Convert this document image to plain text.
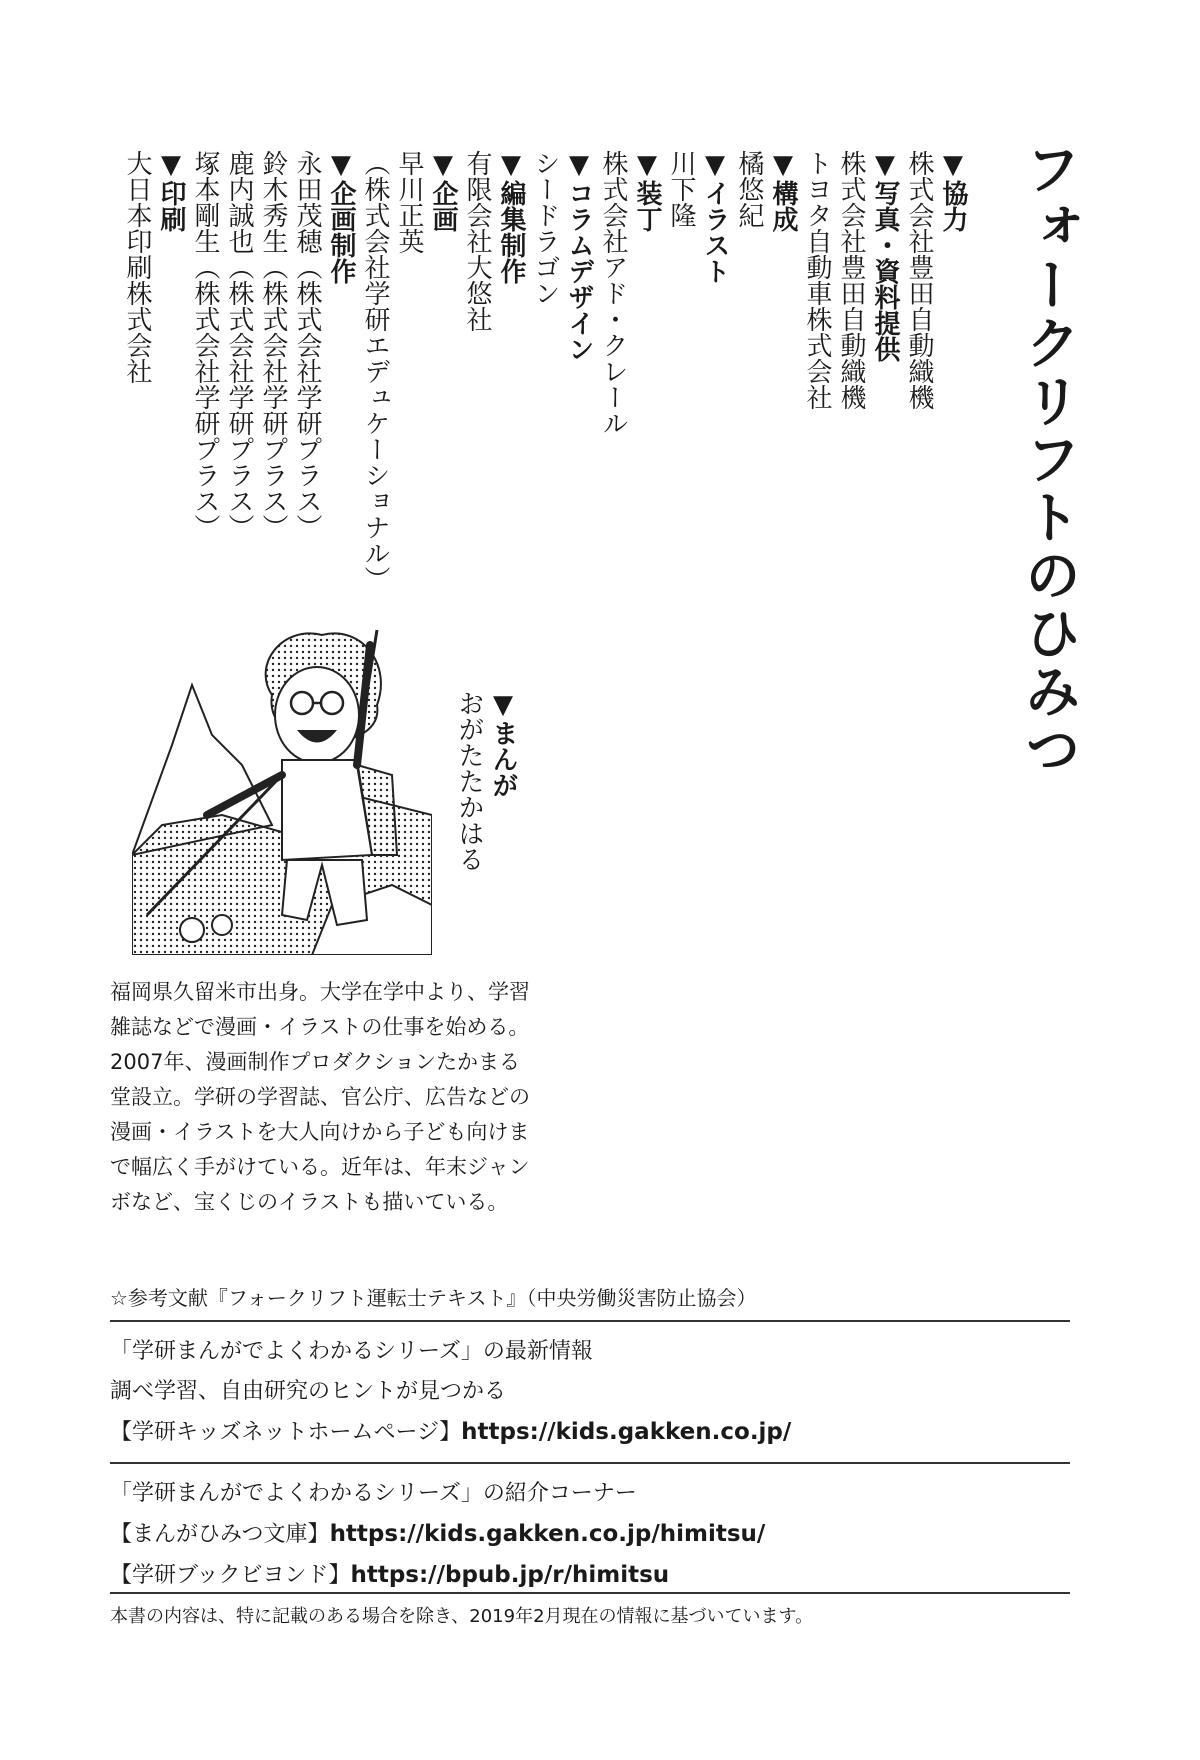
フォークリフトのひみつ
▼協力
株式会社豊田自動織機
▼写真・資料提供
株式会社豊田自動織機
トヨタ自動車株式会社
▼構成
橘悠紀
▼イラスト
川下隆
▼装丁
株式会社アド・クレール
▼コラムデザイン
シードラゴン
▼編集制作
有限会社大悠社
▼企画
早川正英
（株式会社学研エデュケーショナル）
▼企画制作
永田茂穂（株式会社学研プラス）
鈴木秀生（株式会社学研プラス）
鹿内誠也（株式会社学研プラス）
塚本剛生（株式会社学研プラス）
▼印刷
大日本印刷株式会社
▼まんが
おがたたかはる

福岡県久留米市出身。大学在学中より、学習雑誌などで漫画・イラストの仕事を始める。2007年、漫画制作プロダクションたかまる堂設立。学研の学習誌、官公庁、広告などの漫画・イラストを大人向けから子ども向けまで幅広く手がけている。近年は、年末ジャンボなど、宝くじのイラストも描いている。

☆参考文献『フォークリフト運転士テキスト』（中央労働災害防止協会）

「学研まんがでよくわかるシリーズ」の最新情報
調べ学習、自由研究のヒントが見つかる
【学研キッズネットホームページ】https://kids.gakken.co.jp/
「学研まんがでよくわかるシリーズ」の紹介コーナー
【まんがひみつ文庫】https://kids.gakken.co.jp/himitsu/
【学研ブックビヨンド】https://bpub.jp/r/himitsu

本書の内容は、特に記載のある場合を除き、2019年2月現在の情報に基づいています。
